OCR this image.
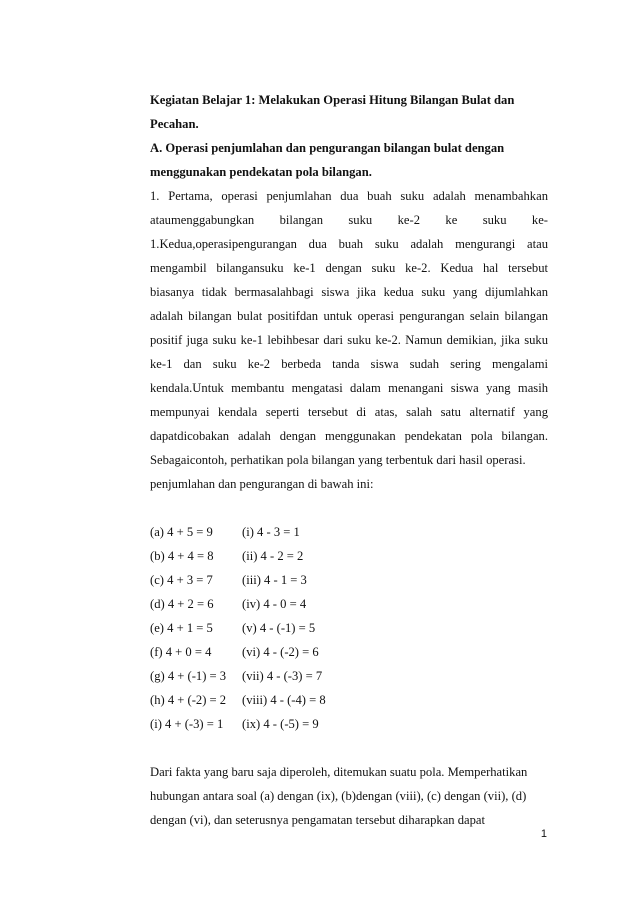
Kegiatan Belajar 1: Melakukan Operasi Hitung Bilangan Bulat dan
Pecahan.
A. Operasi penjumlahan dan pengurangan bilangan bulat dengan
menggunakan pendekatan pola bilangan.
1. Pertama, operasi penjumlahan dua buah suku adalah menambahkan
ataumenggabungkan bilangan suku ke-2 ke suku ke-
1.Kedua,operasipengurangan dua buah suku adalah mengurangi atau
mengambil bilangansuku ke-1 dengan suku ke-2. Kedua hal tersebut
biasanya tidak bermasalahbagi siswa jika kedua suku yang dijumlahkan
adalah bilangan bulat positifdan untuk operasi pengurangan selain bilangan
positif juga suku ke-1 lebihbesar dari suku ke-2. Namun demikian, jika suku
ke-1 dan suku ke-2 berbeda tanda siswa sudah sering mengalami
kendala.Untuk membantu mengatasi dalam menangani siswa yang masih
mempunyai kendala seperti tersebut di atas, salah satu alternatif yang
dapatdicobakan adalah dengan menggunakan pendekatan pola bilangan.
Sebagaicontoh, perhatikan pola bilangan yang terbentuk dari hasil operasi.
penjumlahan dan pengurangan di bawah ini:
(a) 4 + 5 = 9	(i) 4 - 3 = 1
(b) 4 + 4 = 8	(ii) 4 - 2 = 2
(c) 4 + 3 = 7	(iii) 4 - 1 = 3
(d) 4 + 2 = 6	(iv) 4 - 0 = 4
(e) 4 + 1 = 5	(v) 4 - (-1) = 5
(f) 4 + 0 = 4	(vi) 4 - (-2) = 6
(g) 4 + (-1) = 3	(vii) 4 - (-3) = 7
(h) 4 + (-2) = 2	(viii) 4 - (-4) = 8
(i) 4 + (-3) = 1	(ix) 4 - (-5) = 9
Dari fakta yang baru saja diperoleh, ditemukan suatu pola. Memperhatikan
hubungan antara soal (a) dengan (ix), (b)dengan (viii), (c) dengan (vii), (d)
dengan (vi), dan seterusnya pengamatan tersebut diharapkan dapat
1
